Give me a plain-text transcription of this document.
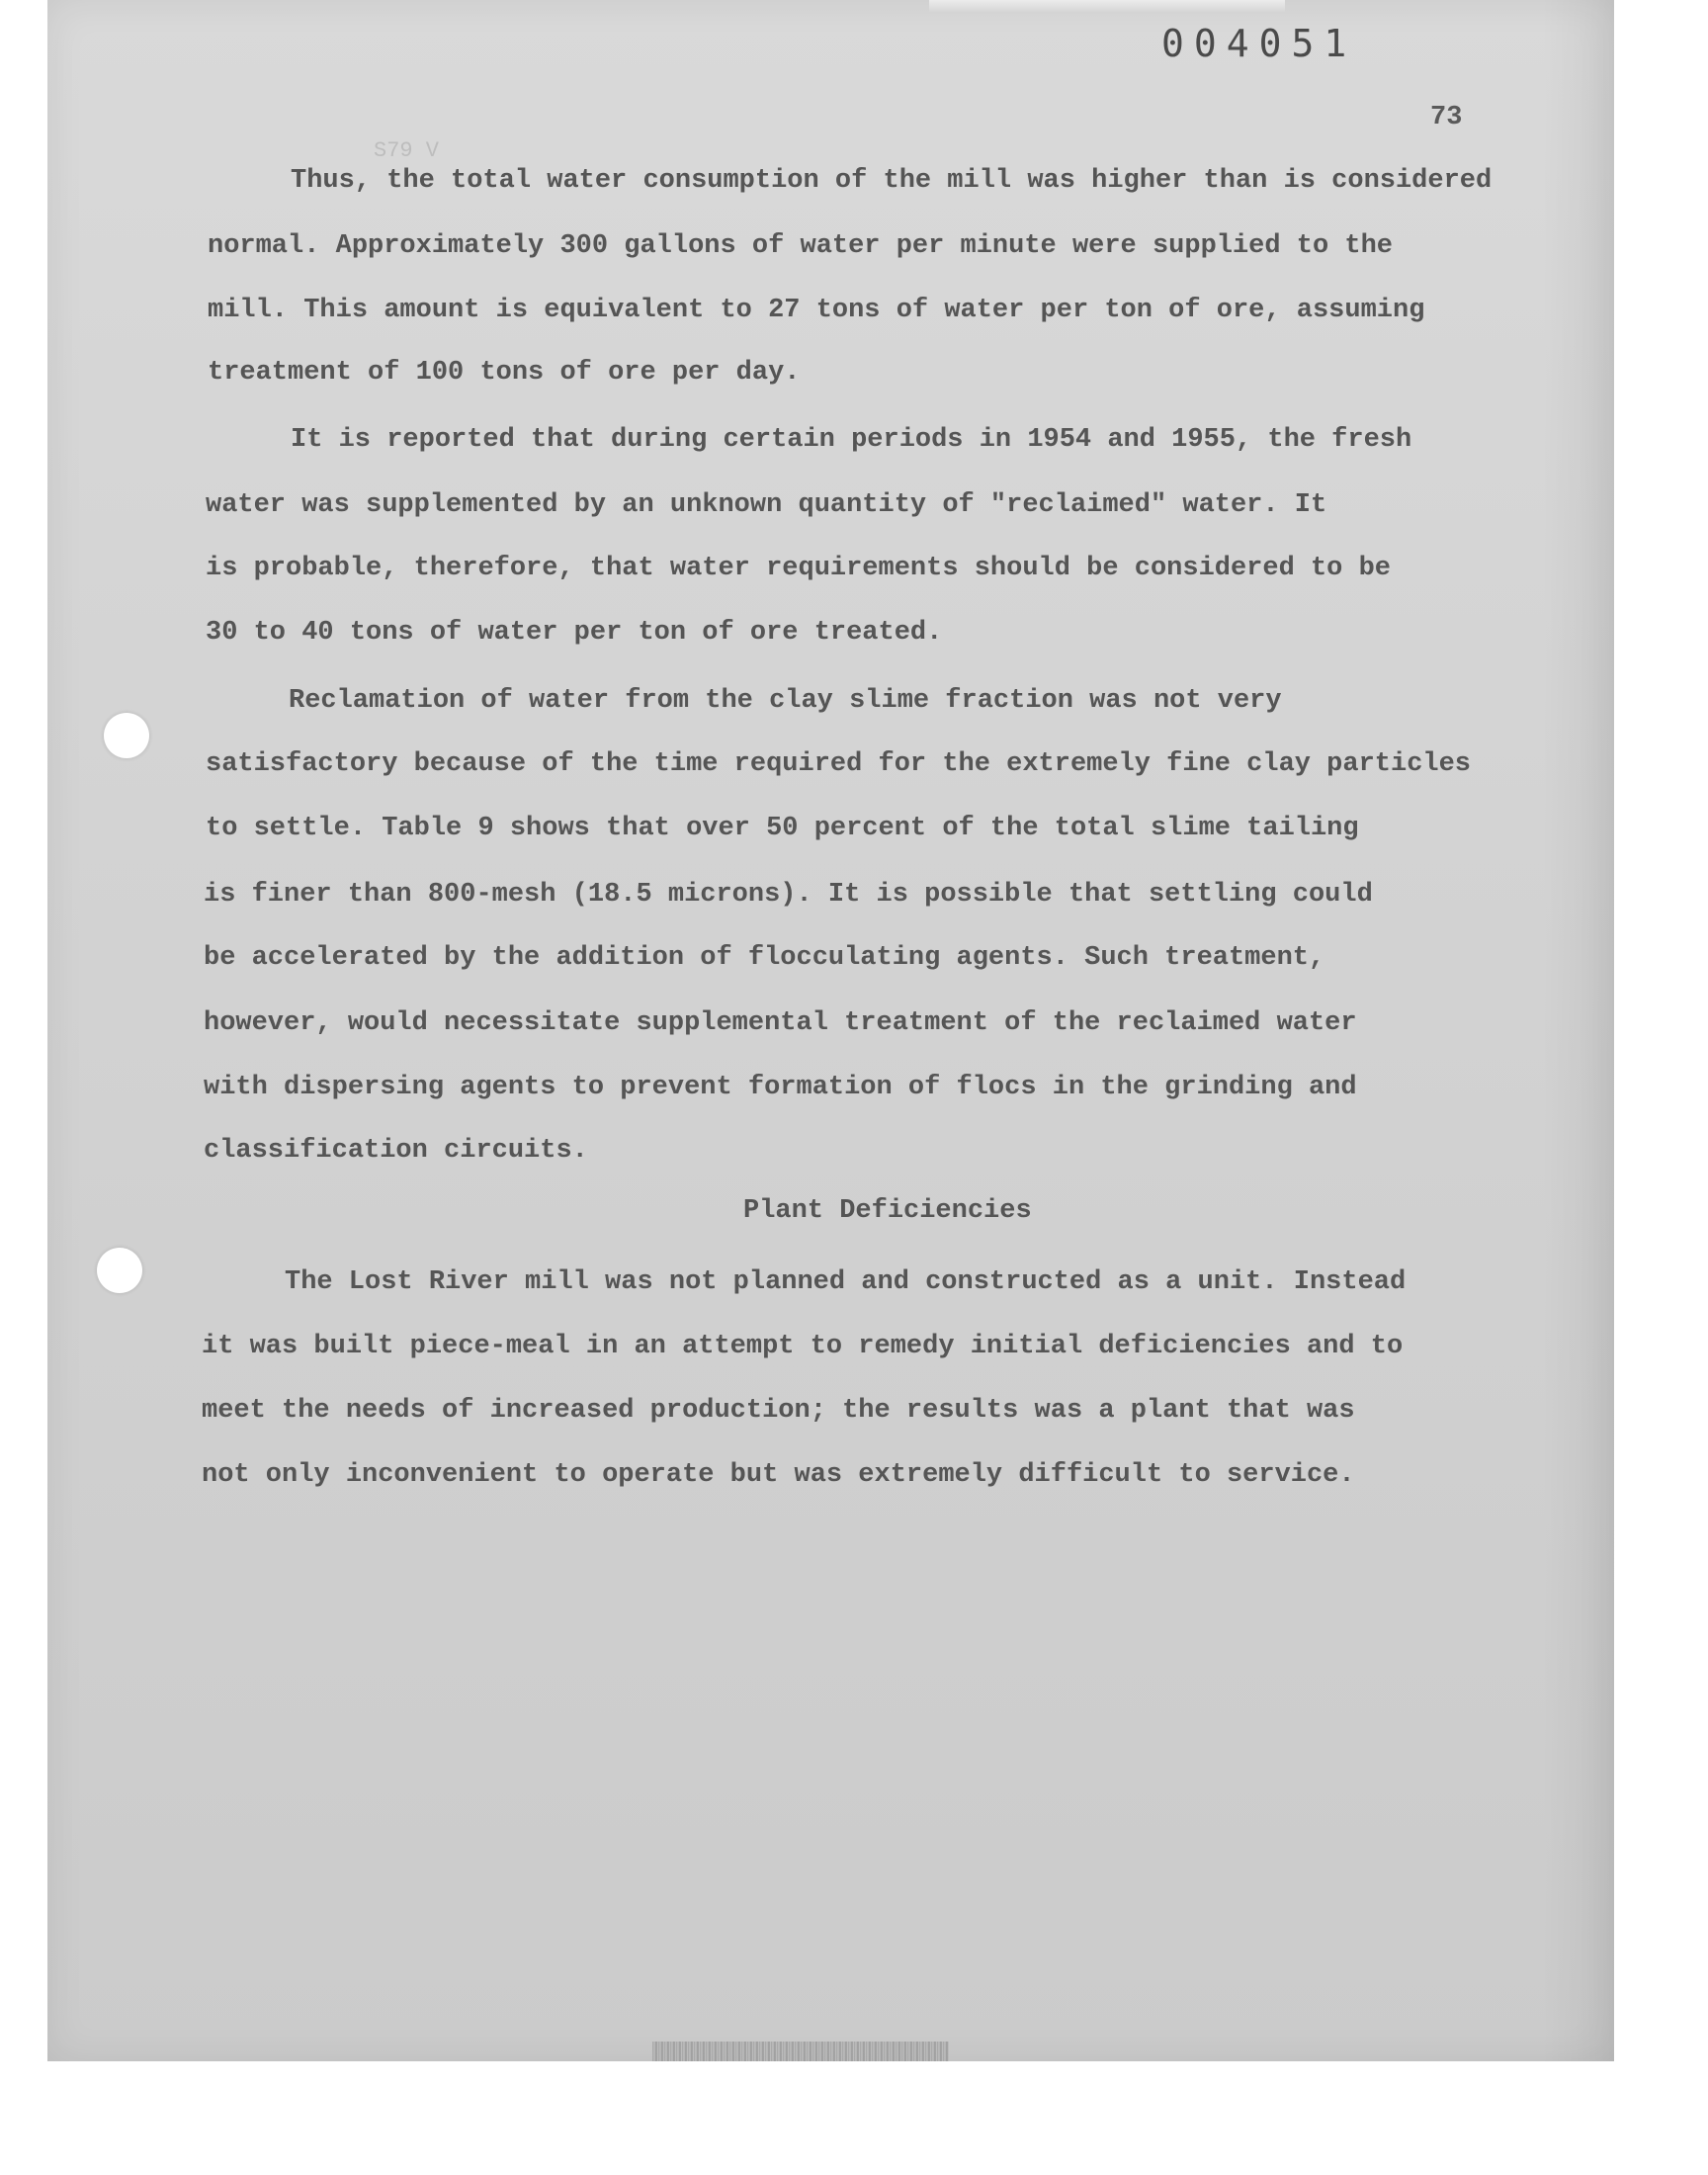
004051
73
S79 V
Thus, the total water consumption of the mill was higher than is considered
normal. Approximately 300 gallons of water per minute were supplied to the
mill. This amount is equivalent to 27 tons of water per ton of ore, assuming
treatment of 100 tons of ore per day.
It is reported that during certain periods in 1954 and 1955, the fresh
water was supplemented by an unknown quantity of "reclaimed" water. It
is probable, therefore, that water requirements should be considered to be
30 to 40 tons of water per ton of ore treated.
Reclamation of water from the clay slime fraction was not very
satisfactory because of the time required for the extremely fine clay particles
to settle. Table 9 shows that over 50 percent of the total slime tailing
is finer than 800-mesh (18.5 microns). It is possible that settling could
be accelerated by the addition of flocculating agents. Such treatment,
however, would necessitate supplemental treatment of the reclaimed water
with dispersing agents to prevent formation of flocs in the grinding and
classification circuits.
Plant Deficiencies
The Lost River mill was not planned and constructed as a unit. Instead
it was built piece-meal in an attempt to remedy initial deficiencies and to
meet the needs of increased production; the results was a plant that was
not only inconvenient to operate but was extremely difficult to service.
